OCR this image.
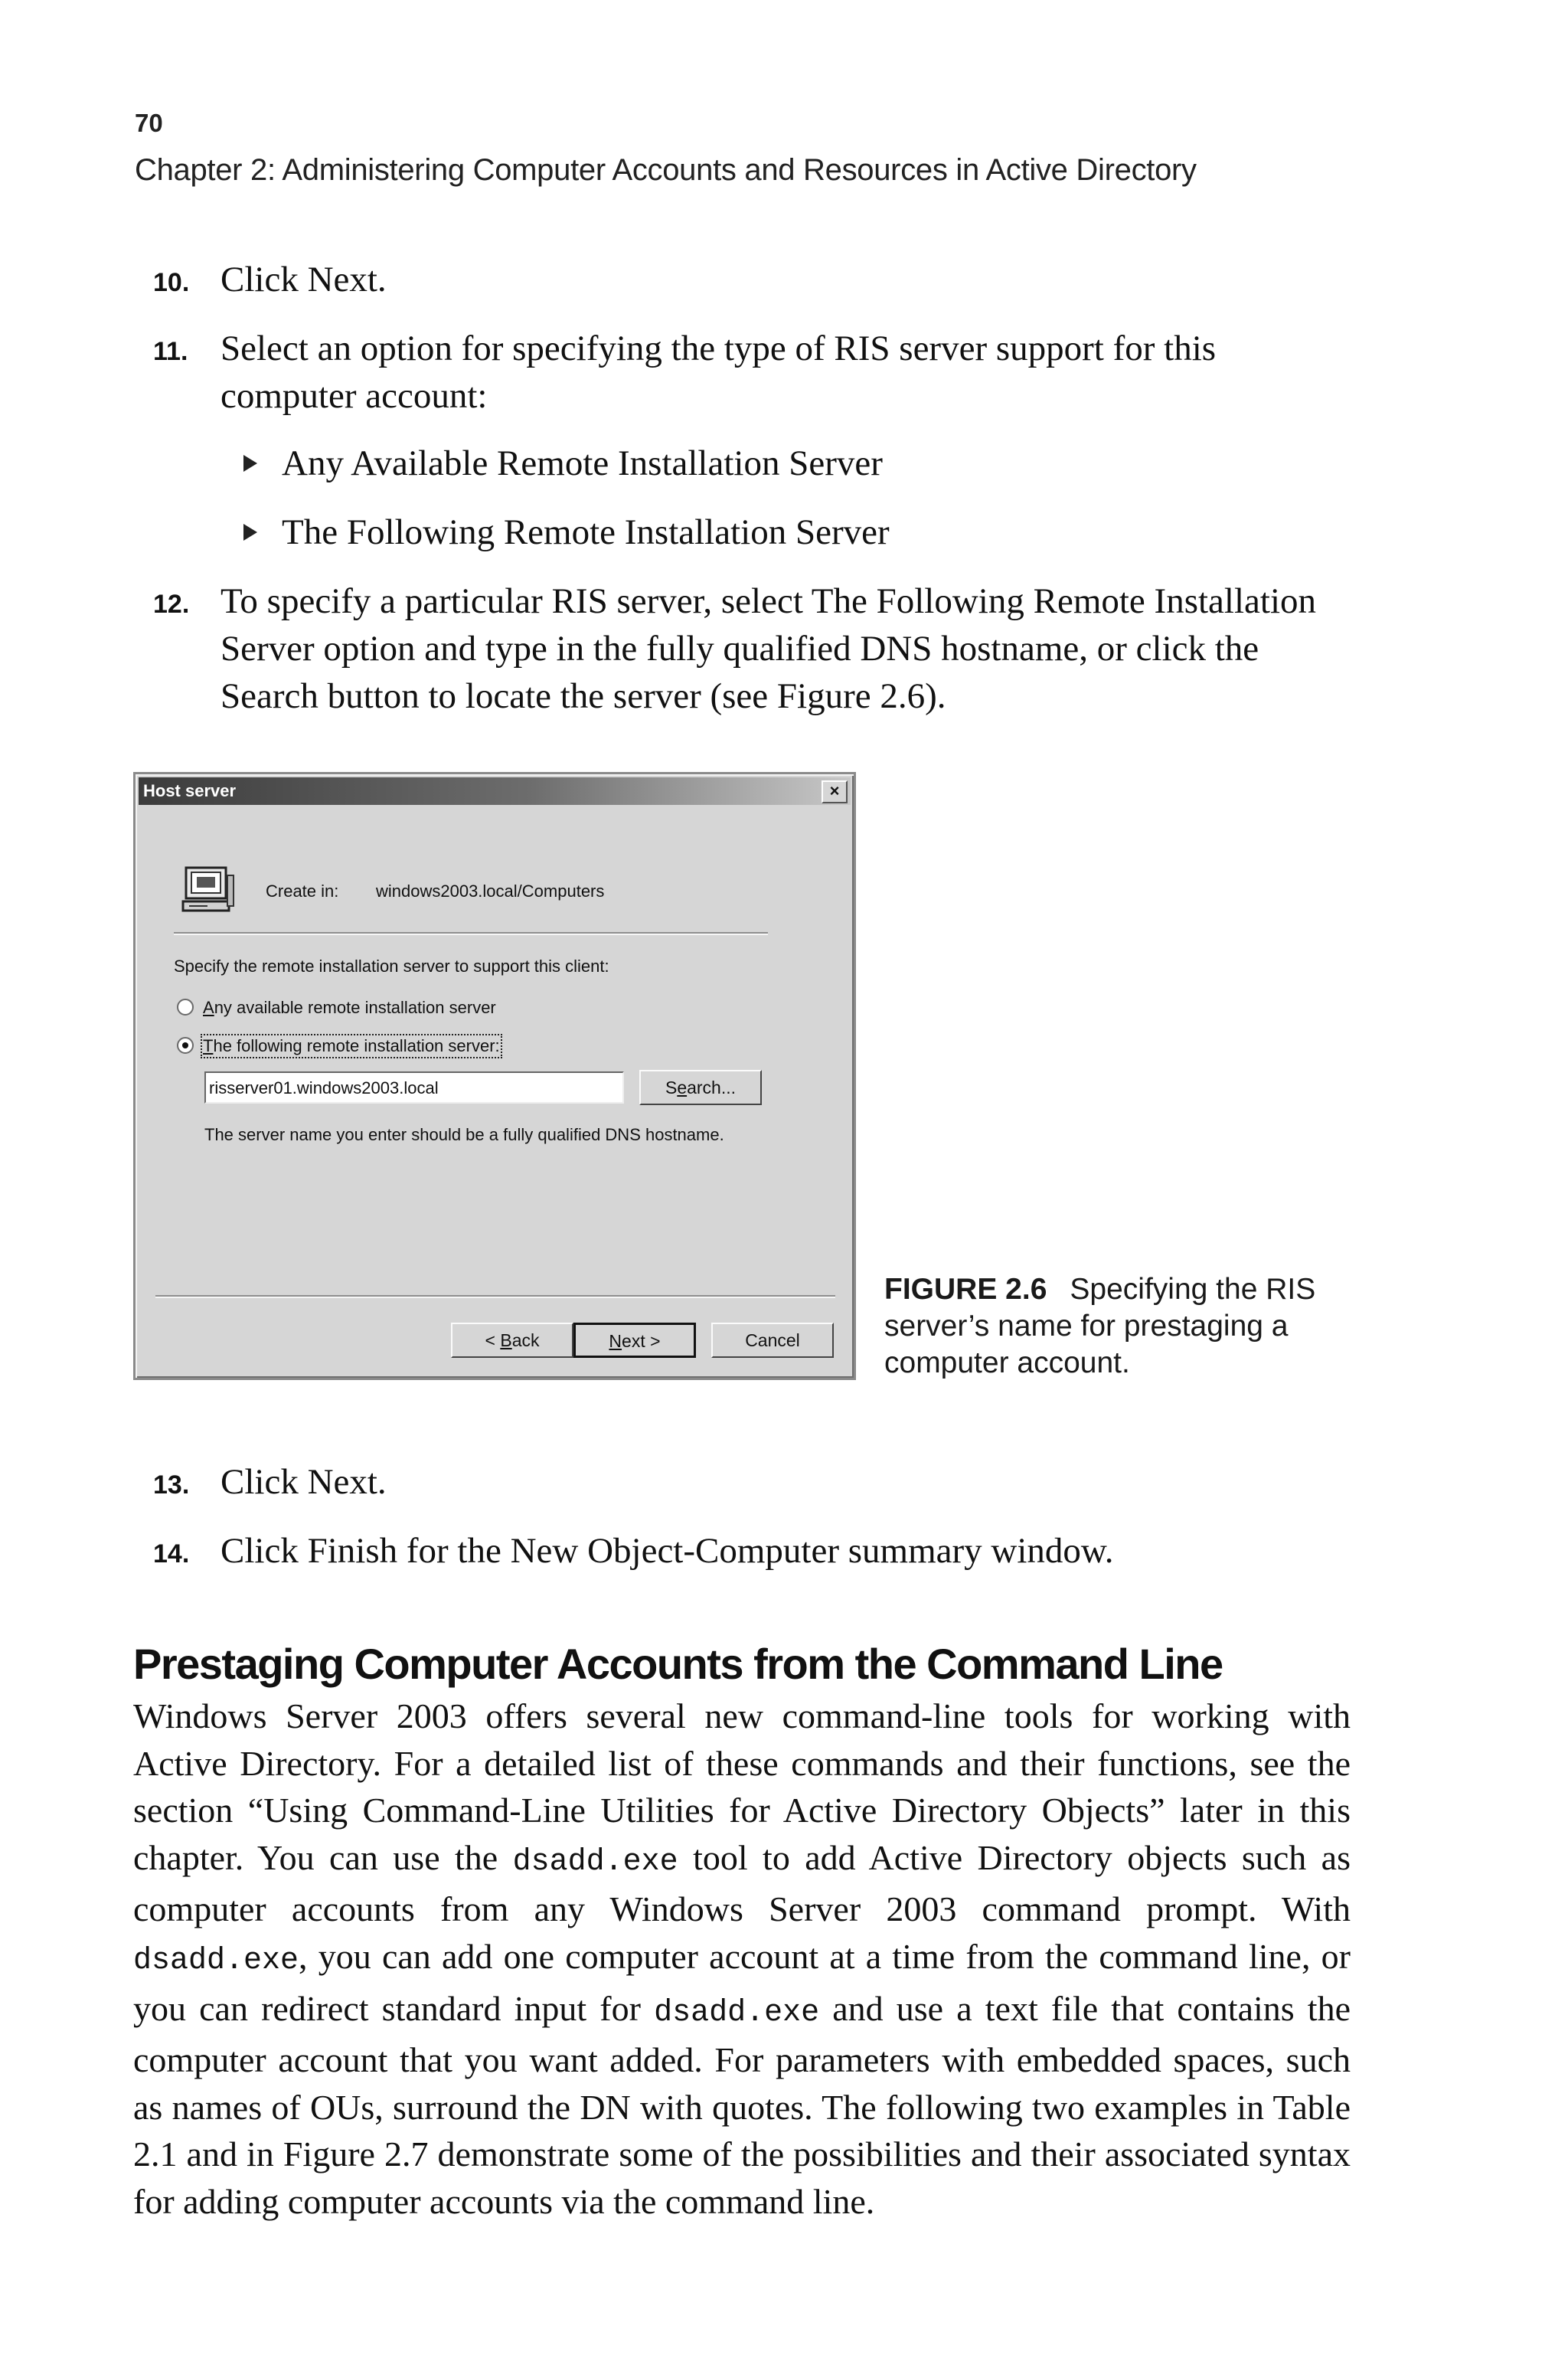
70
Chapter 2: Administering Computer Accounts and Resources in Active Directory
10. Click Next.
11. Select an option for specifying the type of RIS server support for this computer account:
Any Available Remote Installation Server
The Following Remote Installation Server
12. To specify a particular RIS server, select The Following Remote Installation Server option and type in the fully qualified DNS hostname, or click the Search button to locate the server (see Figure 2.6).
Host server	×
Create in: windows2003.local/Computers
Specify the remote installation server to support this client:
Any available remote installation server
The following remote installation server:
risserver01.windows2003.local	Search...
The server name you enter should be a fully qualified DNS hostname.
< Back	Next >	Cancel
FIGURE 2.6 Specifying the RIS server’s name for prestaging a computer account.
13. Click Next.
14. Click Finish for the New Object-Computer summary window.
Prestaging Computer Accounts from the Command Line
Windows Server 2003 offers several new command-line tools for working with Active Directory. For a detailed list of these commands and their functions, see the section “Using Command-Line Utilities for Active Directory Objects” later in this chapter. You can use the dsadd.exe tool to add Active Directory objects such as computer accounts from any Windows Server 2003 command prompt. With dsadd.exe, you can add one computer account at a time from the command line, or you can redirect standard input for dsadd.exe and use a text file that contains the computer account that you want added. For parameters with embedded spaces, such as names of OUs, surround the DN with quotes. The following two examples in Table 2.1 and in Figure 2.7 demonstrate some of the possibilities and their associated syntax for adding computer accounts via the command line.
